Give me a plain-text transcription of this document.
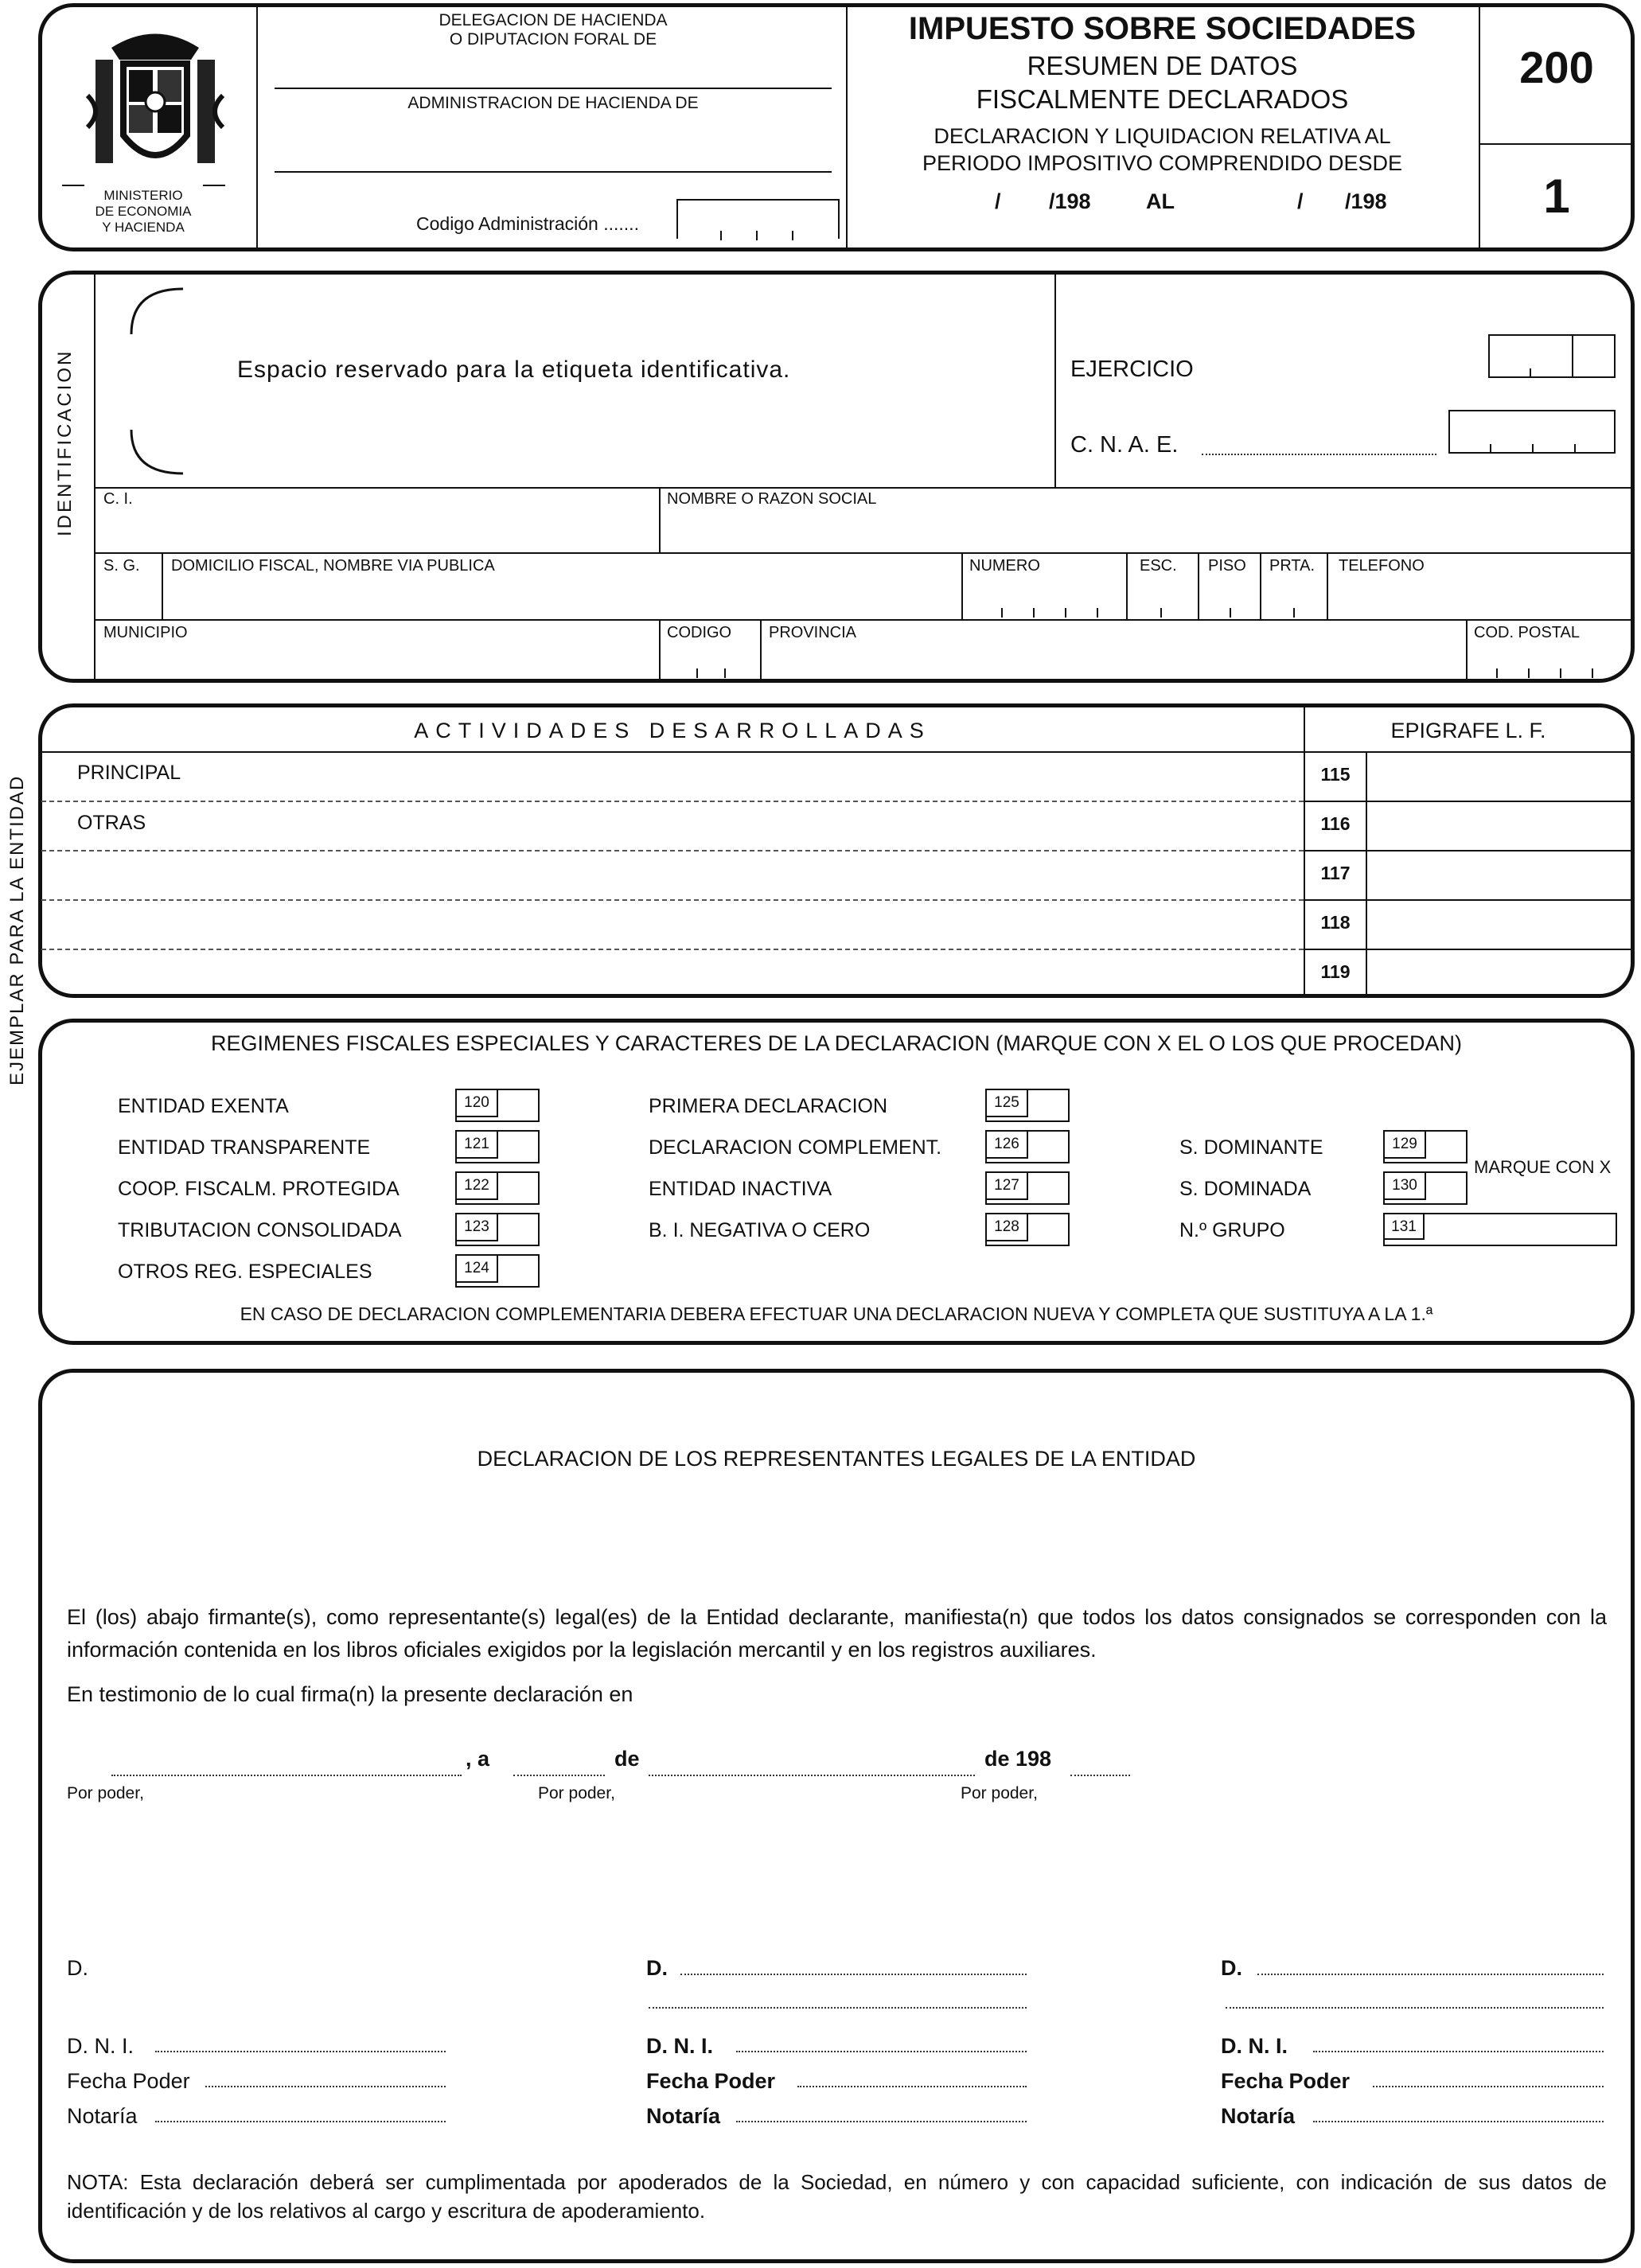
EJEMPLAR PARA LA ENTIDAD
MINISTERIO
DE ECONOMIA
Y HACIENDA
DELEGACION DE HACIENDA
O DIPUTACION FORAL DE
ADMINISTRACION DE HACIENDA DE
Codigo Administración .......
IMPUESTO SOBRE SOCIEDADES
RESUMEN DE DATOS
FISCALMENTE DECLARADOS
DECLARACION Y LIQUIDACION RELATIVA AL
PERIODO IMPOSITIVO COMPRENDIDO DESDE
/ /198	AL	/ /198
200
1
IDENTIFICACION	Espacio reservado para la etiqueta identificativa.	EJERCICIO
C. N. A. E.
C. I.	NOMBRE O RAZON SOCIAL
S. G. DOMICILIO FISCAL, NOMBRE VIA PUBLICA	NUMERO	ESC. PISO PRTA. TELEFONO
MUNICIPIO	CODIGO PROVINCIA	COD. POSTAL
ACTIVIDADES DESARROLLADAS	EPIGRAFE L. F.
PRINCIPAL	115
OTRAS	116
117
118
119
REGIMENES FISCALES ESPECIALES Y CARACTERES DE LA DECLARACION (MARQUE CON X EL O LOS QUE PROCEDAN)
ENTIDAD EXENTA	120
ENTIDAD TRANSPARENTE	121
COOP. FISCALM. PROTEGIDA	122
TRIBUTACION CONSOLIDADA	123
OTROS REG. ESPECIALES	124
PRIMERA DECLARACION	125
DECLARACION COMPLEMENT.	126
ENTIDAD INACTIVA	127
B. I. NEGATIVA O CERO	128
S. DOMINANTE	129
S. DOMINADA	130
MARQUE CON X
N.º GRUPO	131
EN CASO DE DECLARACION COMPLEMENTARIA DEBERA EFECTUAR UNA DECLARACION NUEVA Y COMPLETA QUE SUSTITUYA A LA 1.ª
DECLARACION DE LOS REPRESENTANTES LEGALES DE LA ENTIDAD
El (los) abajo firmante(s), como representante(s) legal(es) de la Entidad declarante, manifiesta(n) que todos los datos consignados se corresponden con la información contenida en los libros oficiales exigidos por la legislación mercantil y en los registros auxiliares.
En testimonio de lo cual firma(n) la presente declaración en
, a	de	de 198
Por poder,	Por poder,	Por poder,
D.
D. N. I.
Fecha Poder
Notaría
D.
D. N. I.
Fecha Poder
Notaría
D.
D. N. I.
Fecha Poder
Notaría
NOTA: Esta declaración deberá ser cumplimentada por apoderados de la Sociedad, en número y con capacidad suficiente, con indicación de sus datos de identificación y de los relativos al cargo y escritura de apoderamiento.
